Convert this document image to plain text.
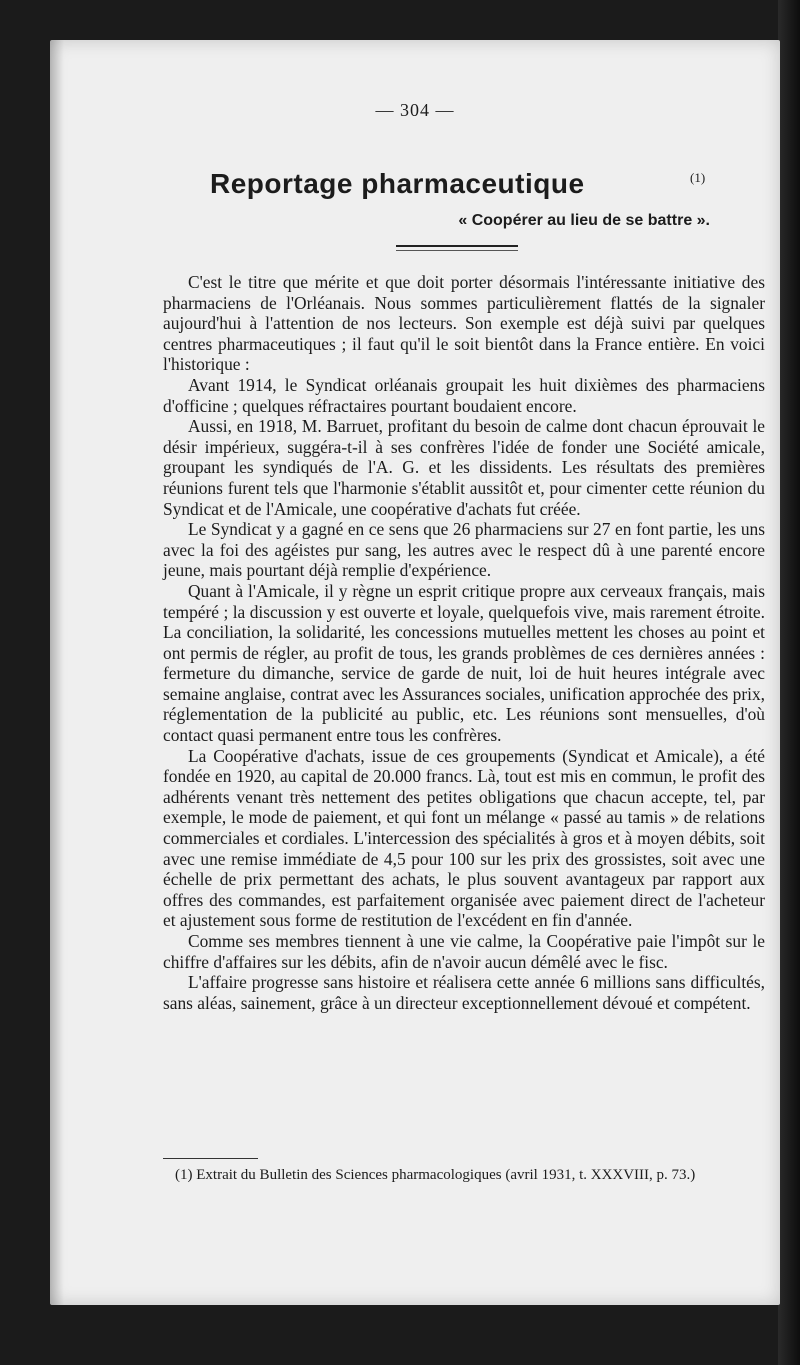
— 304 —
Reportage pharmaceutique	(1)
« Coopérer au lieu de se battre ».

C'est le titre que mérite et que doit porter désormais l'intéressante initiative des pharmaciens de l'Orléanais. Nous sommes particulièrement flattés de la signaler aujourd'hui à l'attention de nos lecteurs. Son exemple est déjà suivi par quelques centres pharmaceutiques ; il faut qu'il le soit bientôt dans la France entière. En voici l'historique :

Avant 1914, le Syndicat orléanais groupait les huit dixièmes des pharmaciens d'officine ; quelques réfractaires pourtant boudaient encore.

Aussi, en 1918, M. Barruet, profitant du besoin de calme dont chacun éprouvait le désir impérieux, suggéra-t-il à ses confrères l'idée de fonder une Société amicale, groupant les syndiqués de l'A. G. et les dissidents. Les résultats des premières réunions furent tels que l'harmonie s'établit aussitôt et, pour cimenter cette réunion du Syndicat et de l'Amicale, une coopérative d'achats fut créée.

Le Syndicat y a gagné en ce sens que 26 pharmaciens sur 27 en font partie, les uns avec la foi des agéistes pur sang, les autres avec le respect dû à une parenté encore jeune, mais pourtant déjà remplie d'expérience.

Quant à l'Amicale, il y règne un esprit critique propre aux cerveaux français, mais tempéré ; la discussion y est ouverte et loyale, quelquefois vive, mais rarement étroite. La conciliation, la solidarité, les concessions mutuelles mettent les choses au point et ont permis de régler, au profit de tous, les grands problèmes de ces dernières années : fermeture du dimanche, service de garde de nuit, loi de huit heures intégrale avec semaine anglaise, contrat avec les Assurances sociales, unification approchée des prix, réglementation de la publicité au public, etc. Les réunions sont mensuelles, d'où contact quasi permanent entre tous les confrères.

La Coopérative d'achats, issue de ces groupements (Syndicat et Amicale), a été fondée en 1920, au capital de 20.000 francs. Là, tout est mis en commun, le profit des adhérents venant très nettement des petites obligations que chacun accepte, tel, par exemple, le mode de paiement, et qui font un mélange « passé au tamis » de relations commerciales et cordiales. L'intercession des spécialités à gros et à moyen débits, soit avec une remise immédiate de 4,5 pour 100 sur les prix des grossistes, soit avec une échelle de prix permettant des achats, le plus souvent avantageux par rapport aux offres des commandes, est parfaitement organisée avec paiement direct de l'acheteur et ajustement sous forme de restitution de l'excédent en fin d'année.

Comme ses membres tiennent à une vie calme, la Coopérative paie l'impôt sur le chiffre d'affaires sur les débits, afin de n'avoir aucun démêlé avec le fisc.

L'affaire progresse sans histoire et réalisera cette année 6 millions sans difficultés, sans aléas, sainement, grâce à un directeur exceptionnellement dévoué et compétent.

(1) Extrait du Bulletin des Sciences pharmacologiques (avril 1931, t. XXXVIII, p. 73.)
